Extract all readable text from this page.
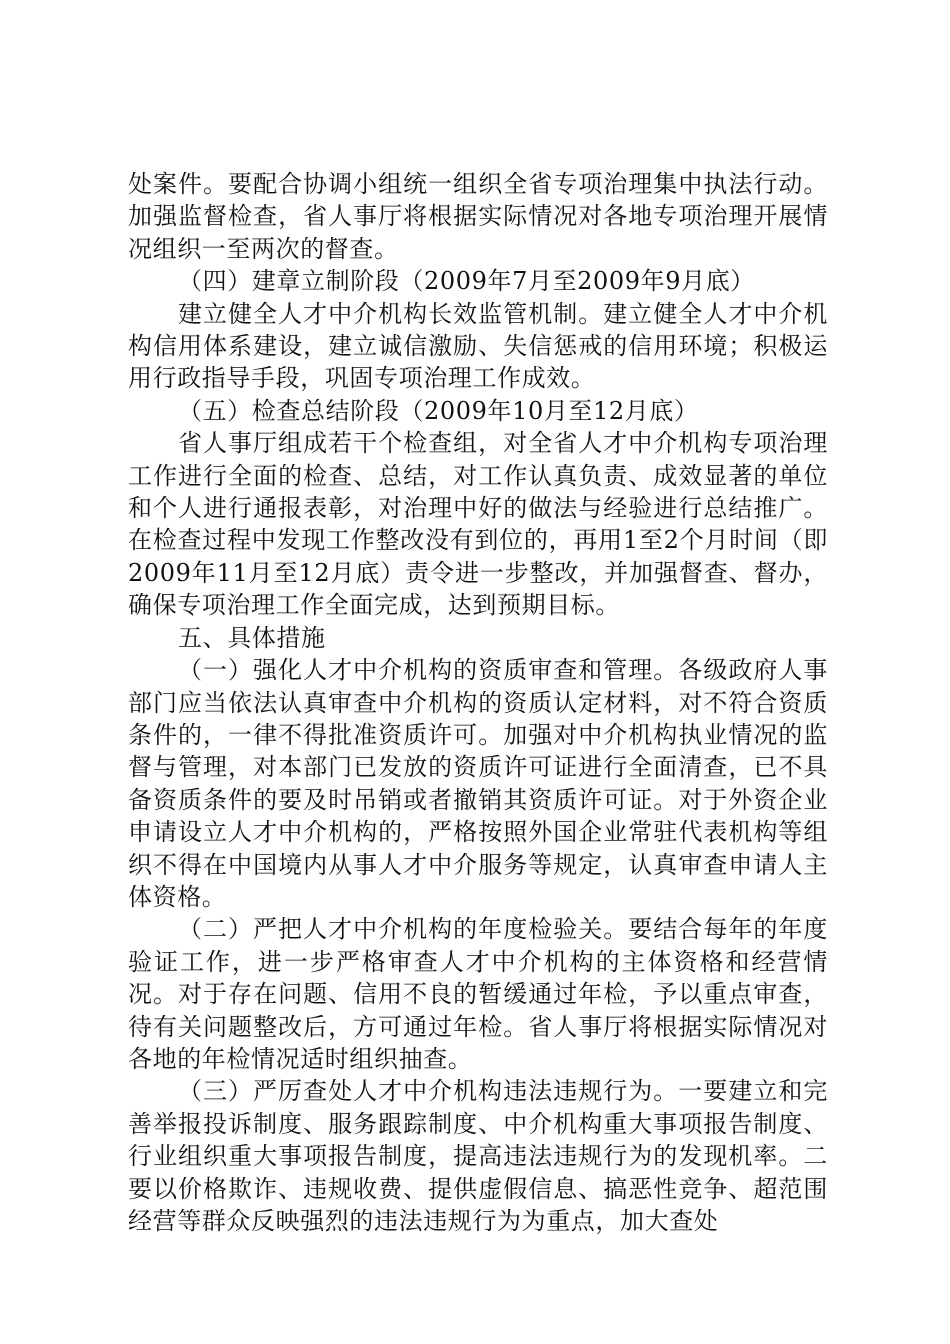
处案件。要配合协调小组统一组织全省专项治理集中执法行动。加强监督检查，省人事厅将根据实际情况对各地专项治理开展情况组织一至两次的督查。

（四）建章立制阶段（2009年7月至2009年9月底）

建立健全人才中介机构长效监管机制。建立健全人才中介机构信用体系建设，建立诚信激励、失信惩戒的信用环境；积极运用行政指导手段，巩固专项治理工作成效。

（五）检查总结阶段（2009年10月至12月底）

省人事厅组成若干个检查组，对全省人才中介机构专项治理工作进行全面的检查、总结，对工作认真负责、成效显著的单位和个人进行通报表彰，对治理中好的做法与经验进行总结推广。在检查过程中发现工作整改没有到位的，再用1至2个月时间（即2009年11月至12月底）责令进一步整改，并加强督查、督办，确保专项治理工作全面完成，达到预期目标。

五、具体措施

（一）强化人才中介机构的资质审查和管理。各级政府人事部门应当依法认真审查中介机构的资质认定材料，对不符合资质条件的，一律不得批准资质许可。加强对中介机构执业情况的监督与管理，对本部门已发放的资质许可证进行全面清查，已不具备资质条件的要及时吊销或者撤销其资质许可证。对于外资企业申请设立人才中介机构的，严格按照外国企业常驻代表机构等组织不得在中国境内从事人才中介服务等规定，认真审查申请人主体资格。

（二）严把人才中介机构的年度检验关。要结合每年的年度验证工作，进一步严格审查人才中介机构的主体资格和经营情况。对于存在问题、信用不良的暂缓通过年检，予以重点审查，待有关问题整改后，方可通过年检。省人事厅将根据实际情况对各地的年检情况适时组织抽查。

（三）严厉查处人才中介机构违法违规行为。一要建立和完善举报投诉制度、服务跟踪制度、中介机构重大事项报告制度、行业组织重大事项报告制度，提高违法违规行为的发现机率。二要以价格欺诈、违规收费、提供虚假信息、搞恶性竞争、超范围经营等群众反映强烈的违法违规行为为重点，加大查处
